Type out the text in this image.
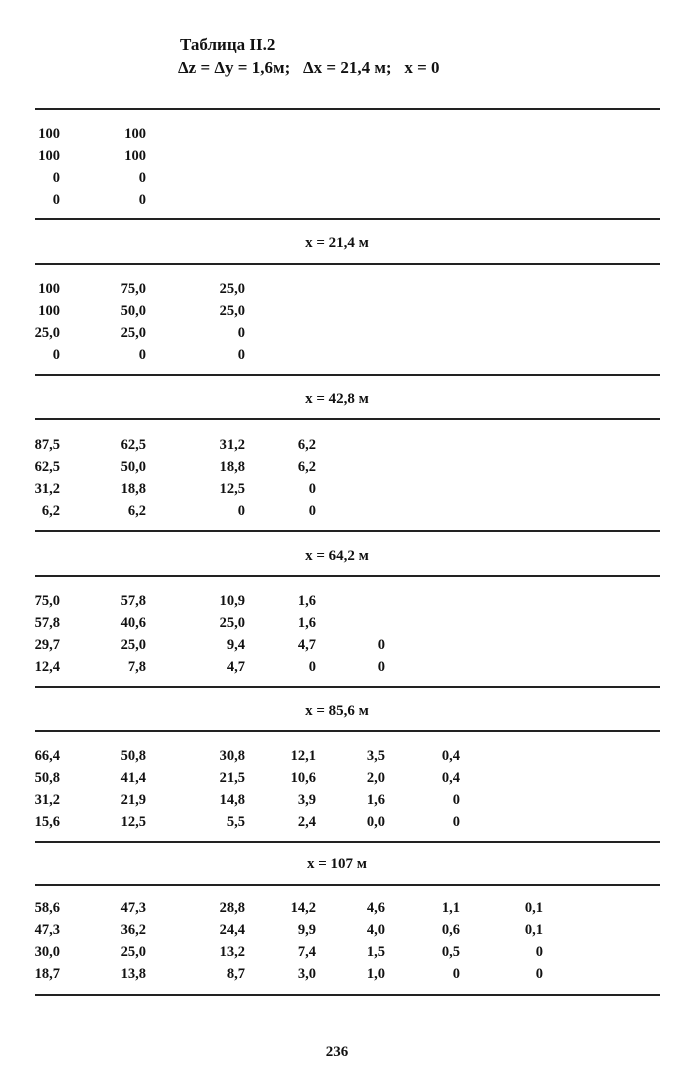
Таблица II.2
Δz = Δy = 1,6м;   Δx = 21,4 м;   x = 0
100	100
100	100
0	0
0	0
x = 21,4 м
100	75,0	25,0
100	50,0	25,0
25,0	25,0	0
0	0	0
x = 42,8 м
87,5	62,5	31,2	6,2
62,5	50,0	18,8	6,2
31,2	18,8	12,5	0
6,2	6,2	0	0
x = 64,2 м
75,0	57,8	10,9	1,6
57,8	40,6	25,0	1,6
29,7	25,0	9,4	4,7	0
12,4	7,8	4,7	0	0
x = 85,6 м
66,4	50,8	30,8	12,1	3,5	0,4
50,8	41,4	21,5	10,6	2,0	0,4
31,2	21,9	14,8	3,9	1,6	0
15,6	12,5	5,5	2,4	0,0	0
x = 107 м
58,6	47,3	28,8	14,2	4,6	1,1	0,1
47,3	36,2	24,4	9,9	4,0	0,6	0,1
30,0	25,0	13,2	7,4	1,5	0,5	0
18,7	13,8	8,7	3,0	1,0	0	0
236
